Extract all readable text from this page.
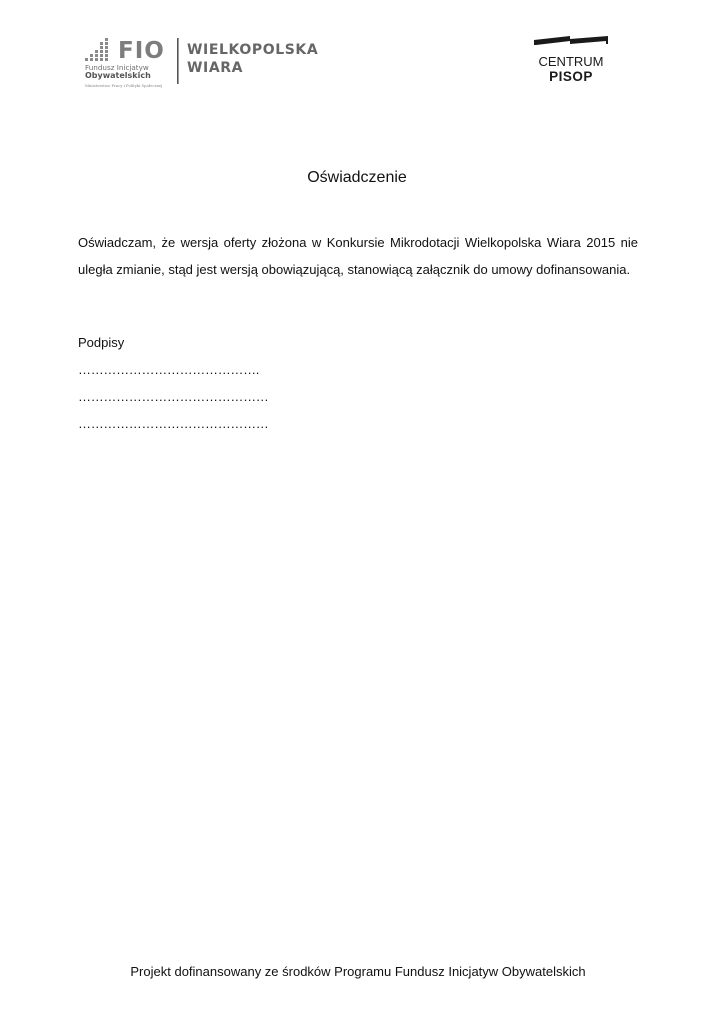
FIO
Fundusz Inicjatyw
Obywatelskich
Ministerstwo Pracy i Polityki Społecznej
WIELKOPOLSKA
WIARA	CENTRUM
PISOP
Oświadczenie

Oświadczam, że wersja oferty złożona w Konkursie Mikrodotacji Wielkopolska Wiara 2015 nie uległa zmianie, stąd jest wersją obowiązującą, stanowiącą załącznik do umowy dofinansowania.

Podpisy
…………………………………….
………………………………………
………………………………………
Projekt dofinansowany ze środków Programu Fundusz Inicjatyw Obywatelskich
